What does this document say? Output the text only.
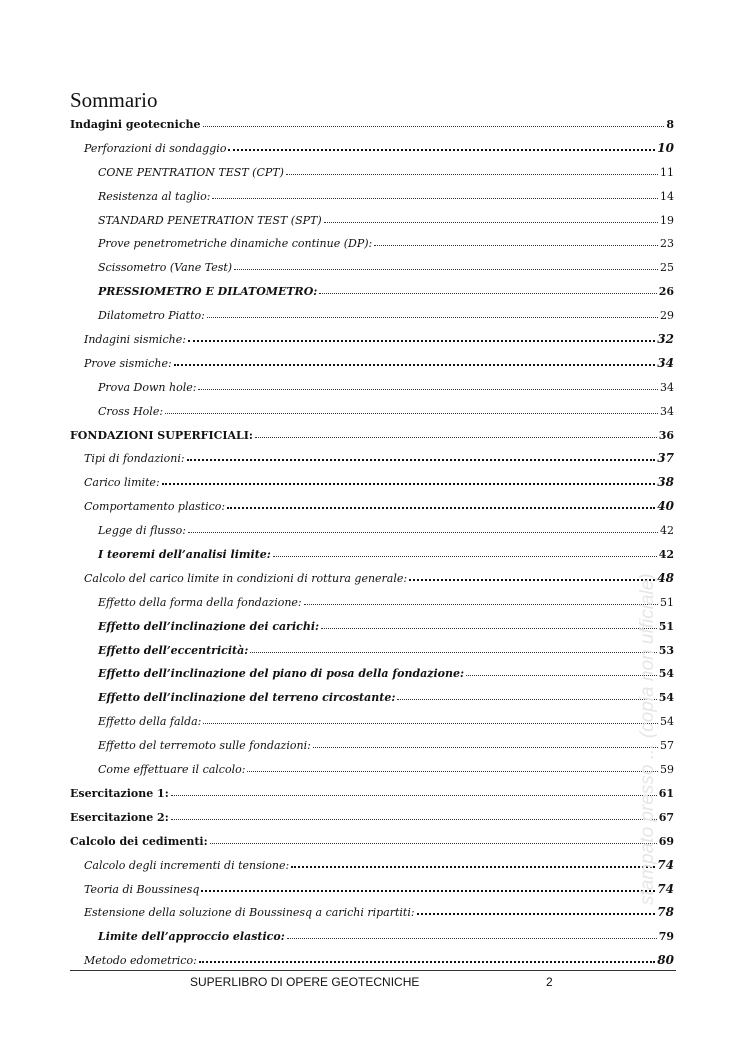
Sommario
Indagini geotecniche	8
Perforazioni di sondaggio	10
CONE PENTRATION TEST (CPT)	11
Resistenza al taglio:	14
STANDARD PENETRATION TEST (SPT)	19
Prove penetrometriche dinamiche continue (DP):	23
Scissometro (Vane Test)	25
PRESSIOMETRO E DILATOMETRO:	26
Dilatometro Piatto:	29
Indagini sismiche:	32
Prove sismiche:	34
Prova Down hole:	34
Cross Hole:	34
FONDAZIONI SUPERFICIALI:	36
Tipi di fondazioni:	37
Carico limite:	38
Comportamento plastico:	40
Legge di flusso:	42
I teoremi dell’analisi limite:	42
Calcolo del carico limite in condizioni di rottura generale:	48
Effetto della forma della fondazione:	51
Effetto dell’inclinazione dei carichi:	51
Effetto dell’eccentricità:	53
Effetto dell’inclinazione del piano di posa della fondazione:	54
Effetto dell’inclinazione del terreno circostante:	54
Effetto della falda:	54
Effetto del terremoto sulle fondazioni:	57
Come effettuare il calcolo:	59
Esercitazione 1:	61
Esercitazione 2:	67
Calcolo dei cedimenti:	69
Calcolo degli incrementi di tensione:	74
Teoria di Boussinesq	74
Estensione della soluzione di Boussinesq a carichi ripartiti:	78
Limite dell’approccio elastico:	79
Metodo edometrico:	80
SUPERLIBRO DI OPERE GEOTECNICHE	2
stampato presso ... (copia non ufficiale)
